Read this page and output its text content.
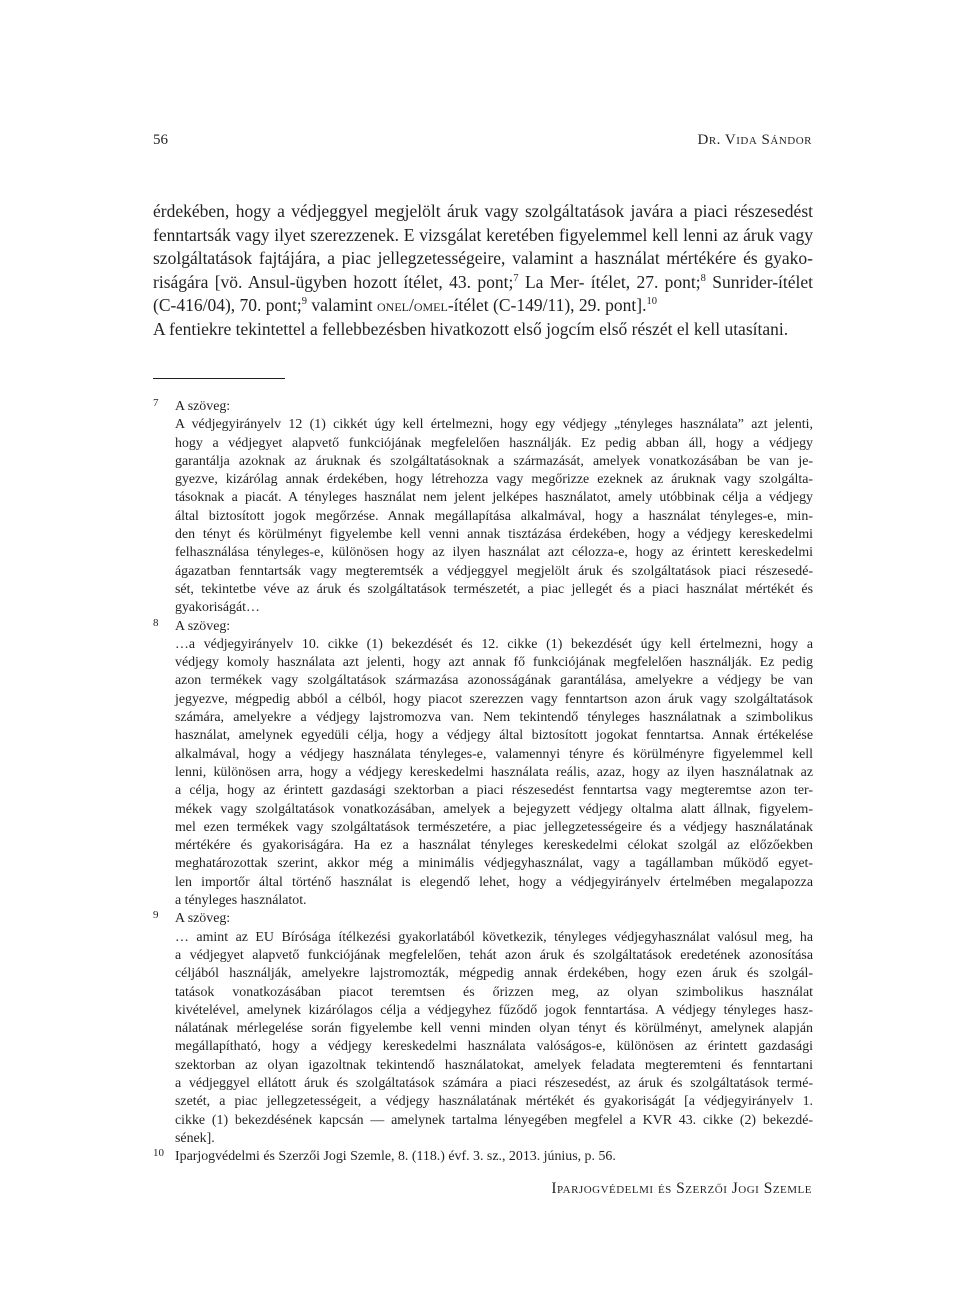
56	Dr. Vida Sándor
érdekében, hogy a védjeggyel megjelölt áruk vagy szolgáltatások javára a piaci részesedést
fenntartsák vagy ilyet szerezzenek. E vizsgálat keretében figyelemmel kell lenni az áruk vagy
szolgáltatások fajtájára, a piac jellegzetességeire, valamint a használat mértékére és gyako-
riságára [vö. Ansul-ügyben hozott ítélet, 43. pont;$^7$ La Mer- ítélet, 27. pont;$^8$ Sunrider-ítélet
(C-416/04), 70. pont;$^9$ valamint onel/omel-ítélet (C-149/11), 29. pont].$^{10}$
A fentiekre tekintettel a fellebbezésben hivatkozott első jogcím első részét el kell utasítani.
7 A szöveg:
A védjegyirányelv 12 (1) cikkét úgy kell értelmezni, hogy egy védjegy „tényleges használata” azt jelenti,
hogy a védjegyet alapvető funkciójának megfelelően használják. Ez pedig abban áll, hogy a védjegy
garantálja azoknak az áruknak és szolgáltatásoknak a származását, amelyek vonatkozásában be van je-
gyezve, kizárólag annak érdekében, hogy létrehozza vagy megőrizze ezeknek az áruknak vagy szolgálta-
tásoknak a piacát. A tényleges használat nem jelent jelképes használatot, amely utóbbinak célja a védjegy
által biztosított jogok megőrzése. Annak megállapítása alkalmával, hogy a használat tényleges-e, min-
den tényt és körülményt figyelembe kell venni annak tisztázása érdekében, hogy a védjegy kereskedelmi
felhasználása tényleges-e, különösen hogy az ilyen használat azt célozza-e, hogy az érintett kereskedelmi
ágazatban fenntartsák vagy megteremtsék a védjeggyel megjelölt áruk és szolgáltatások piaci részesedé-
sét, tekintetbe véve az áruk és szolgáltatások természetét, a piac jellegét és a piaci használat mértékét és
gyakoriságát…
8 A szöveg:
…a védjegyirányelv 10. cikke (1) bekezdését és 12. cikke (1) bekezdését úgy kell értelmezni, hogy a
védjegy komoly használata azt jelenti, hogy azt annak fő funkciójának megfelelően használják. Ez pedig
azon termékek vagy szolgáltatások származása azonosságának garantálása, amelyekre a védjegy be van
jegyezve, mégpedig abból a célból, hogy piacot szerezzen vagy fenntartson azon áruk vagy szolgáltatások
számára, amelyekre a védjegy lajstromozva van. Nem tekintendő tényleges használatnak a szimbolikus
használat, amelynek egyedüli célja, hogy a védjegy által biztosított jogokat fenntartsa. Annak értékelése
alkalmával, hogy a védjegy használata tényleges-e, valamennyi tényre és körülményre figyelemmel kell
lenni, különösen arra, hogy a védjegy kereskedelmi használata reális, azaz, hogy az ilyen használatnak az
a célja, hogy az érintett gazdasági szektorban a piaci részesedést fenntartsa vagy megteremtse azon ter-
mékek vagy szolgáltatások vonatkozásában, amelyek a bejegyzett védjegy oltalma alatt állnak, figyelem-
mel ezen termékek vagy szolgáltatások természetére, a piac jellegzetességeire és a védjegy használatának
mértékére és gyakoriságára. Ha ez a használat tényleges kereskedelmi célokat szolgál az előzőekben
meghatározottak szerint, akkor még a minimális védjegyhasználat, vagy a tagállamban működő egyet-
len importőr által történő használat is elegendő lehet, hogy a védjegyirányelv értelmében megalapozza
a tényleges használatot.
9 A szöveg:
… amint az EU Bírósága ítélkezési gyakorlatából következik, tényleges védjegyhasználat valósul meg, ha
a védjegyet alapvető funkciójának megfelelően, tehát azon áruk és szolgáltatások eredetének azonosítása
céljából használják, amelyekre lajstromozták, mégpedig annak érdekében, hogy ezen áruk és szolgál-
tatások vonatkozásában piacot teremtsen és őrizzen meg, az olyan szimbolikus használat
kivételével, amelynek kizárólagos célja a védjegyhez fűződő jogok fenntartása. A védjegy tényleges hasz-
nálatának mérlegelése során figyelembe kell venni minden olyan tényt és körülményt, amelynek alapján
megállapítható, hogy a védjegy kereskedelmi használata valóságos-e, különösen az érintett gazdasági
szektorban az olyan igazoltnak tekintendő használatokat, amelyek feladata megteremteni és fenntartani
a védjeggyel ellátott áruk és szolgáltatások számára a piaci részesedést, az áruk és szolgáltatások termé-
szetét, a piac jellegzetességeit, a védjegy használatának mértékét és gyakoriságát [a védjegyirányelv 1.
cikke (1) bekezdésének kapcsán — amelynek tartalma lényegében megfelel a KVR 43. cikke (2) bekezdé-
sének].
10 Iparjogvédelmi és Szerzői Jogi Szemle, 8. (118.) évf. 3. sz., 2013. június, p. 56.
Iparjogvédelmi és Szerzői Jogi Szemle
